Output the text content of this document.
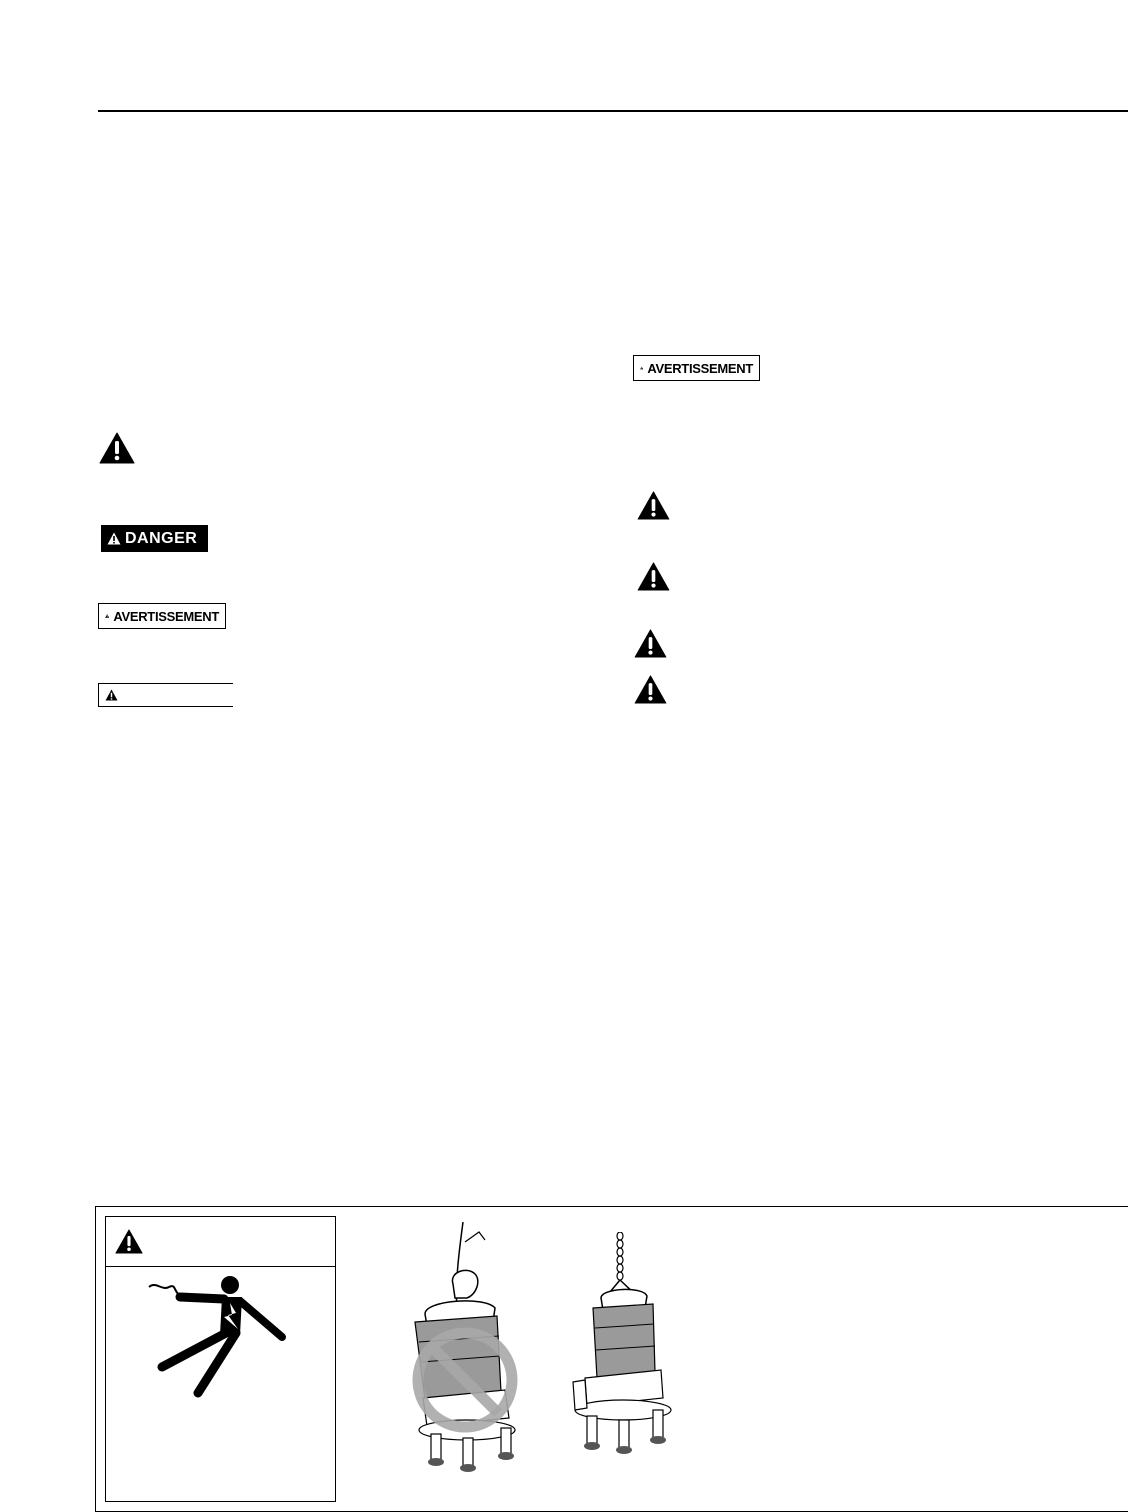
DANGER
AVERTISSEMENT
AVERTISSEMENT
